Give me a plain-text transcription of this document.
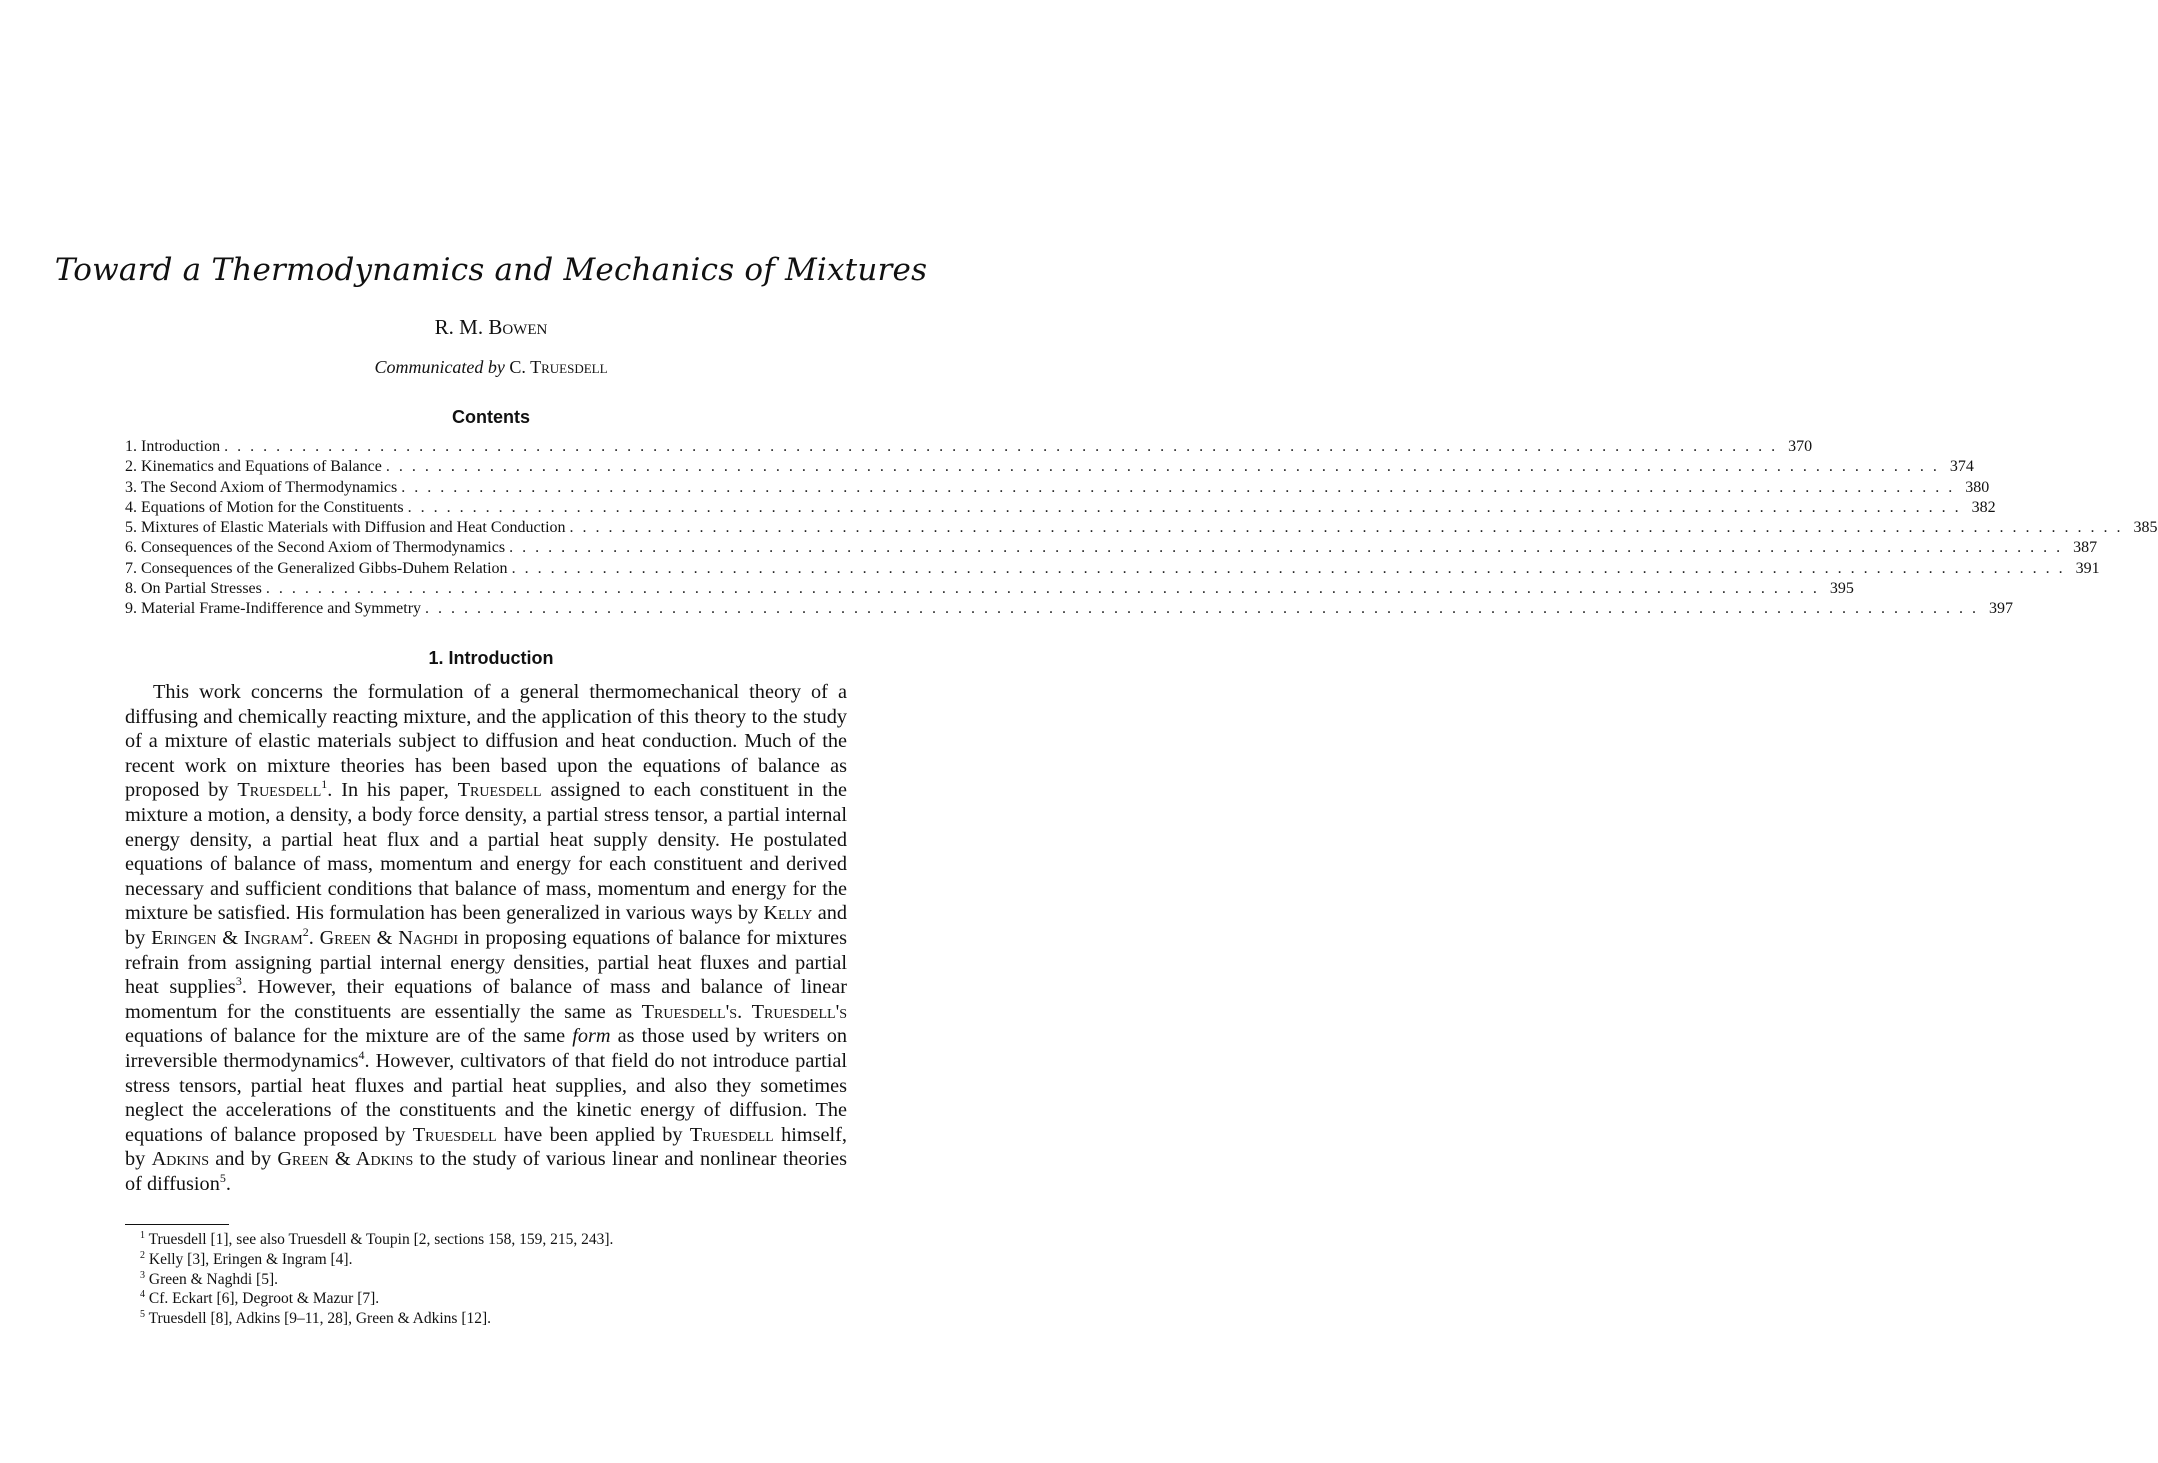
Toward a Thermodynamics and Mechanics of Mixtures
R. M. Bowen
Communicated by C. Truesdell
Contents
1. Introduction ........................................................................................................................ 370
2. Kinematics and Equations of Balance ........................................................................................................................ 374
3. The Second Axiom of Thermodynamics ........................................................................................................................ 380
4. Equations of Motion for the Constituents ........................................................................................................................ 382
5. Mixtures of Elastic Materials with Diffusion and Heat Conduction ........................................................................................................................ 385
6. Consequences of the Second Axiom of Thermodynamics ........................................................................................................................ 387
7. Consequences of the Generalized Gibbs-Duhem Relation ........................................................................................................................ 391
8. On Partial Stresses ........................................................................................................................ 395
9. Material Frame-Indifference and Symmetry ........................................................................................................................ 397
1. Introduction

This work concerns the formulation of a general thermomechanical theory of a diffusing and chemically reacting mixture, and the application of this theory to the study of a mixture of elastic materials subject to diffusion and heat conduction. Much of the recent work on mixture theories has been based upon the equations of balance as proposed by Truesdell$^1$. In his paper, Truesdell assigned to each constituent in the mixture a motion, a density, a body force density, a partial stress tensor, a partial internal energy density, a partial heat flux and a partial heat supply density. He postulated equations of balance of mass, momentum and energy for each constituent and derived necessary and sufficient conditions that balance of mass, momentum and energy for the mixture be satisfied. His formulation has been generalized in various ways by Kelly and by Eringen & Ingram$^2$. Green & Naghdi in proposing equations of balance for mixtures refrain from assigning partial internal energy densities, partial heat fluxes and partial heat supplies$^3$. However, their equations of balance of mass and balance of linear momentum for the constituents are essentially the same as Truesdell's. Truesdell's equations of balance for the mixture are of the same form as those used by writers on irreversible thermodynamics$^4$. However, cultivators of that field do not introduce partial stress tensors, partial heat fluxes and partial heat supplies, and also they sometimes neglect the accelerations of the constituents and the kinetic energy of diffusion. The equations of balance proposed by Truesdell have been applied by Truesdell himself, by Adkins and by Green & Adkins to the study of various linear and nonlinear theories of diffusion$^5$.

$^1$ Truesdell [1], see also Truesdell & Toupin [2, sections 158, 159, 215, 243].
$^2$ Kelly [3], Eringen & Ingram [4].
$^3$ Green & Naghdi [5].
$^4$ Cf. Eckart [6], Degroot & Mazur [7].
$^5$ Truesdell [8], Adkins [9–11, 28], Green & Adkins [12].
